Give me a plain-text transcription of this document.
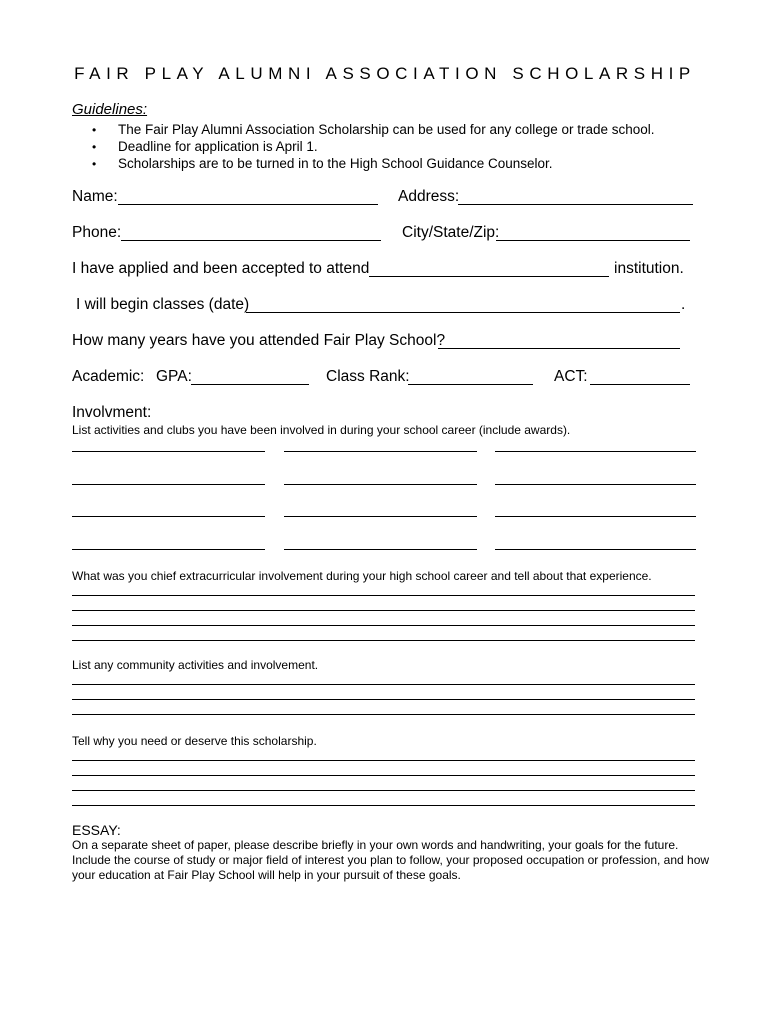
FAIR PLAY ALUMNI ASSOCIATION SCHOLARSHIP
Guidelines:
• The Fair Play Alumni Association Scholarship can be used for any college or trade school.
• Deadline for application is April 1.
• Scholarships are to be turned in to the High School Guidance Counselor.
Name:	Address:
Phone:	City/State/Zip:
I have applied and been accepted to attend	institution.
I will begin classes (date)	.
How many years have you attended Fair Play School?
Academic: GPA:	Class Rank:	ACT:
Involvment:
List activities and clubs you have been involved in during your school career (include awards).
What was you chief extracurricular involvement during your high school career and tell about that experience.
List any community activities and involvement.
Tell why you need or deserve this scholarship.
ESSAY:
On a separate sheet of paper, please describe briefly in your own words and handwriting, your goals for the future. Include the course of study or major field of interest you plan to follow, your proposed occupation or profession, and how your education at Fair Play School will help in your pursuit of these goals.
